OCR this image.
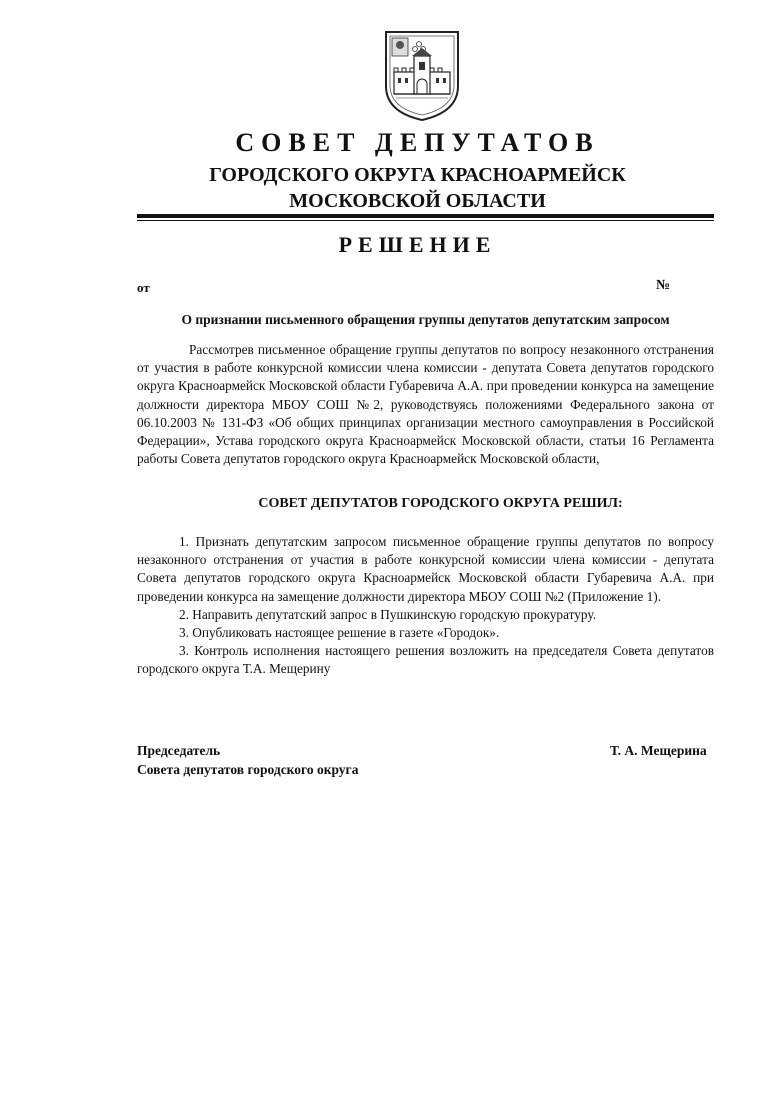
СОВЕТ ДЕПУТАТОВ
ГОРОДСКОГО ОКРУГА КРАСНОАРМЕЙСК
МОСКОВСКОЙ ОБЛАСТИ
РЕШЕНИЕ
от	№
О признании письменного обращения группы депутатов депутатским запросом

Рассмотрев письменное обращение группы депутатов по вопросу незаконного отстранения от участия в работе конкурсной комиссии члена комиссии - депутата Совета депутатов городского округа Красноармейск Московской области Губаревича А.А. при проведении конкурса на замещение должности директора МБОУ СОШ №2, руководствуясь положениями Федерального закона от 06.10.2003 № 131-ФЗ «Об общих принципах организации местного самоуправления в Российской Федерации», Устава городского округа Красноармейск Московской области, статьи 16 Регламента работы Совета депутатов городского округа Красноармейск Московской области,

СОВЕТ ДЕПУТАТОВ ГОРОДСКОГО ОКРУГА РЕШИЛ:

1. Признать депутатским запросом письменное обращение группы депутатов по вопросу незаконного отстранения от участия в работе конкурсной комиссии члена комиссии - депутата Совета депутатов городского округа Красноармейск Московской области Губаревича А.А. при проведении конкурса на замещение должности директора МБОУ СОШ №2 (Приложение 1).

2. Направить депутатский запрос в Пушкинскую городскую прокуратуру.

3. Опубликовать настоящее решение в газете «Городок».

3. Контроль исполнения настоящего решения возложить на председателя Совета депутатов городского округа Т.А. Мещерину

Председатель
Совета депутатов городского округа
Т. А. Мещерина
